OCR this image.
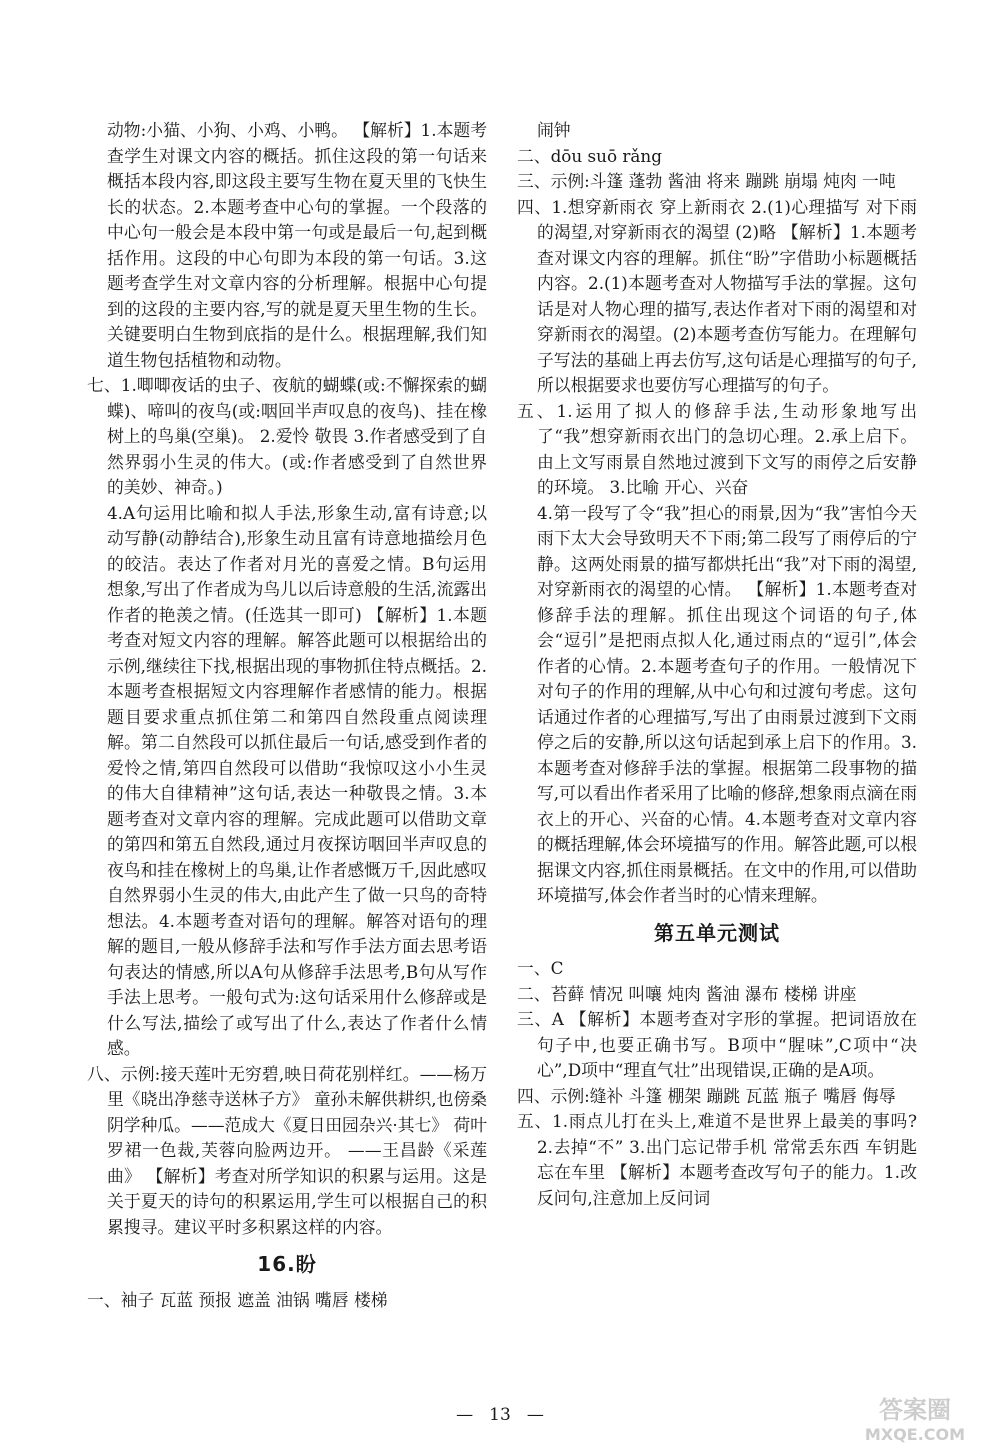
动物:小猫、小狗、小鸡、小鸭。 【解析】1.本题考查学生对课文内容的概括。抓住这段的第一句话来概括本段内容,即这段主要写生物在夏天里的飞快生长的状态。2.本题考查中心句的掌握。一个段落的中心句一般会是本段中第一句或是最后一句,起到概括作用。这段的中心句即为本段的第一句话。3.这题考查学生对文章内容的分析理解。根据中心句提到的这段的主要内容,写的就是夏天里生物的生长。关键要明白生物到底指的是什么。根据理解,我们知道生物包括植物和动物。

七、1.唧唧夜话的虫子、夜航的蝴蝶(或:不懈探索的蝴蝶)、啼叫的夜鸟(或:咽回半声叹息的夜鸟)、挂在橡树上的鸟巢(空巢)。 2.爱怜 敬畏 3.作者感受到了自然界弱小生灵的伟大。(或:作者感受到了自然世界的美妙、神奇。)

4.A句运用比喻和拟人手法,形象生动,富有诗意;以动写静(动静结合),形象生动且富有诗意地描绘月色的皎洁。表达了作者对月光的喜爱之情。B句运用想象,写出了作者成为鸟儿以后诗意般的生活,流露出作者的艳羡之情。(任选其一即可) 【解析】1.本题考查对短文内容的理解。解答此题可以根据给出的示例,继续往下找,根据出现的事物抓住特点概括。2.本题考查根据短文内容理解作者感情的能力。根据题目要求重点抓住第二和第四自然段重点阅读理解。第二自然段可以抓住最后一句话,感受到作者的爱怜之情,第四自然段可以借助“我惊叹这小小生灵的伟大自律精神”这句话,表达一种敬畏之情。3.本题考查对文章内容的理解。完成此题可以借助文章的第四和第五自然段,通过月夜探访咽回半声叹息的夜鸟和挂在橡树上的鸟巢,让作者感慨万千,因此感叹自然界弱小生灵的伟大,由此产生了做一只鸟的奇特想法。4.本题考查对语句的理解。解答对语句的理解的题目,一般从修辞手法和写作手法方面去思考语句表达的情感,所以A句从修辞手法思考,B句从写作手法上思考。一般句式为:这句话采用什么修辞或是什么写法,描绘了或写出了什么,表达了作者什么情感。

八、示例:接天莲叶无穷碧,映日荷花别样红。——杨万里《晓出净慈寺送林子方》 童孙未解供耕织,也傍桑阴学种瓜。——范成大《夏日田园杂兴·其七》 荷叶罗裙一色裁,芙蓉向脸两边开。 ——王昌龄《采莲曲》 【解析】考查对所学知识的积累与运用。这是关于夏天的诗句的积累运用,学生可以根据自己的积累搜寻。建议平时多积累这样的内容。

16.盼

一、袖子 瓦蓝 预报 遮盖 油锅 嘴唇 楼梯

闹钟

二、dōu suō rǎng

三、示例:斗篷 蓬勃 酱油 将来 蹦跳 崩塌 炖肉 一吨

四、1.想穿新雨衣 穿上新雨衣 2.(1)心理描写 对下雨的渴望,对穿新雨衣的渴望 (2)略 【解析】1.本题考查对课文内容的理解。抓住“盼”字借助小标题概括内容。2.(1)本题考查对人物描写手法的掌握。这句话是对人物心理的描写,表达作者对下雨的渴望和对穿新雨衣的渴望。(2)本题考查仿写能力。在理解句子写法的基础上再去仿写,这句话是心理描写的句子,所以根据要求也要仿写心理描写的句子。

五、1.运用了拟人的修辞手法,生动形象地写出了“我”想穿新雨衣出门的急切心理。2.承上启下。由上文写雨景自然地过渡到下文写的雨停之后安静的环境。 3.比喻 开心、兴奋

4.第一段写了令“我”担心的雨景,因为“我”害怕今天雨下太大会导致明天不下雨;第二段写了雨停后的宁静。这两处雨景的描写都烘托出“我”对下雨的渴望,对穿新雨衣的渴望的心情。 【解析】1.本题考查对修辞手法的理解。抓住出现这个词语的句子,体会“逗引”是把雨点拟人化,通过雨点的“逗引”,体会作者的心情。2.本题考查句子的作用。一般情况下对句子的作用的理解,从中心句和过渡句考虑。这句话通过作者的心理描写,写出了由雨景过渡到下文雨停之后的安静,所以这句话起到承上启下的作用。3.本题考查对修辞手法的掌握。根据第二段事物的描写,可以看出作者采用了比喻的修辞,想象雨点滴在雨衣上的开心、兴奋的心情。4.本题考查对文章内容的概括理解,体会环境描写的作用。解答此题,可以根据课文内容,抓住雨景概括。在文中的作用,可以借助环境描写,体会作者当时的心情来理解。

第五单元测试

一、C

二、苔藓 情况 叫嚷 炖肉 酱油 瀑布 楼梯 讲座

三、A 【解析】本题考查对字形的掌握。把词语放在句子中,也要正确书写。B项中“腥味”,C项中“决心”,D项中“理直气壮”出现错误,正确的是A项。

四、示例:缝补 斗篷 棚架 蹦跳 瓦蓝 瓶子 嘴唇 侮辱

五、1.雨点儿打在头上,难道不是世界上最美的事吗? 2.去掉“不” 3.出门忘记带手机 常常丢东西 车钥匙忘在车里 【解析】本题考查改写句子的能力。1.改反问句,注意加上反问词

— 13 —	答案圈
MXQE.COM
